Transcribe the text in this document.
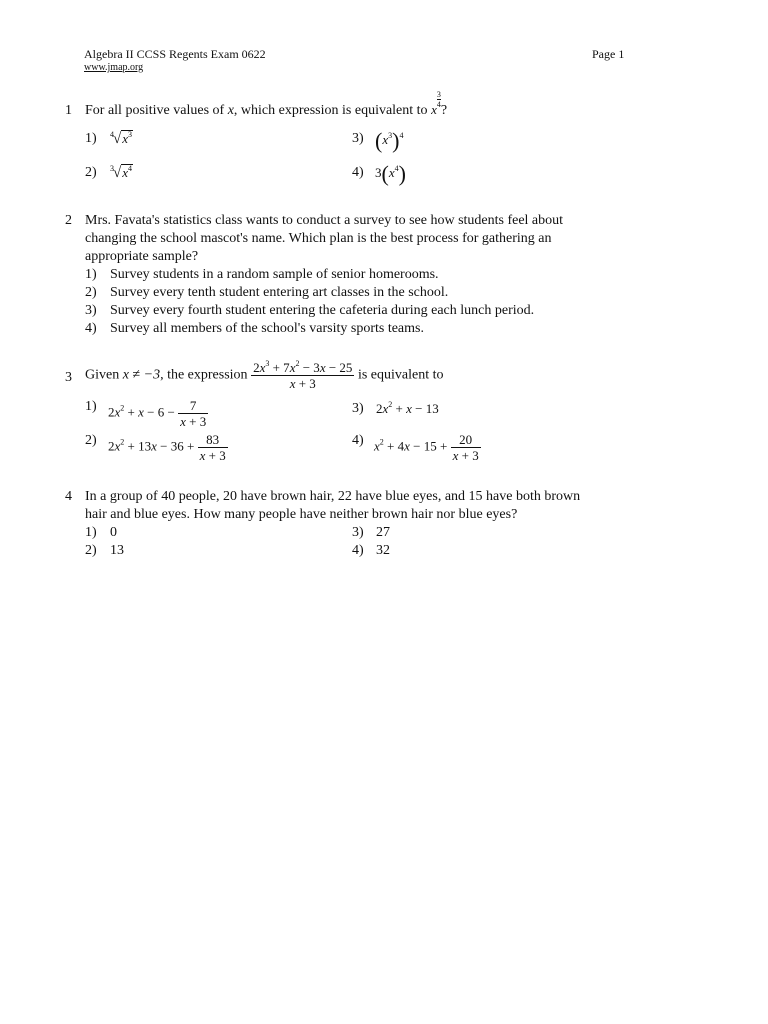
Algebra II CCSS Regents Exam 0622	Page 1
www.jmap.org
1 For all positive values of x, which expression is equivalent to x
$\frac{3}{4}$
?
1) $^4√x^3$
2) $^3√x^4$
3) $(x^3)^4$
4) $3(x^4)$
2 Mrs. Favata's statistics class wants to conduct a survey to see how students feel about
changing the school mascot's name. Which plan is the best process for gathering an
appropriate sample?
1) Survey students in a random sample of senior homerooms.
2) Survey every tenth student entering art classes in the school.
3) Survey every fourth student entering the cafeteria during each lunch period.
4) Survey all members of the school's varsity sports teams.
3 Given x ≠ −3, the expression $\frac{2x^3 + 7x^2 - 3x - 25}{x + 3}$ is equivalent to
1) $2x^2 + x - 6 - \frac{7}{x + 3}$
2) $2x^2 + 13x - 36 + \frac{83}{x + 3}$
3) $2x^2 + x - 13$
4) $x^2 + 4x - 15 + \frac{20}{x + 3}$
4 In a group of 40 people, 20 have brown hair, 22 have blue eyes, and 15 have both brown
hair and blue eyes. How many people have neither brown hair nor blue eyes?
1) 0
2) 13
3) 27
4) 32
